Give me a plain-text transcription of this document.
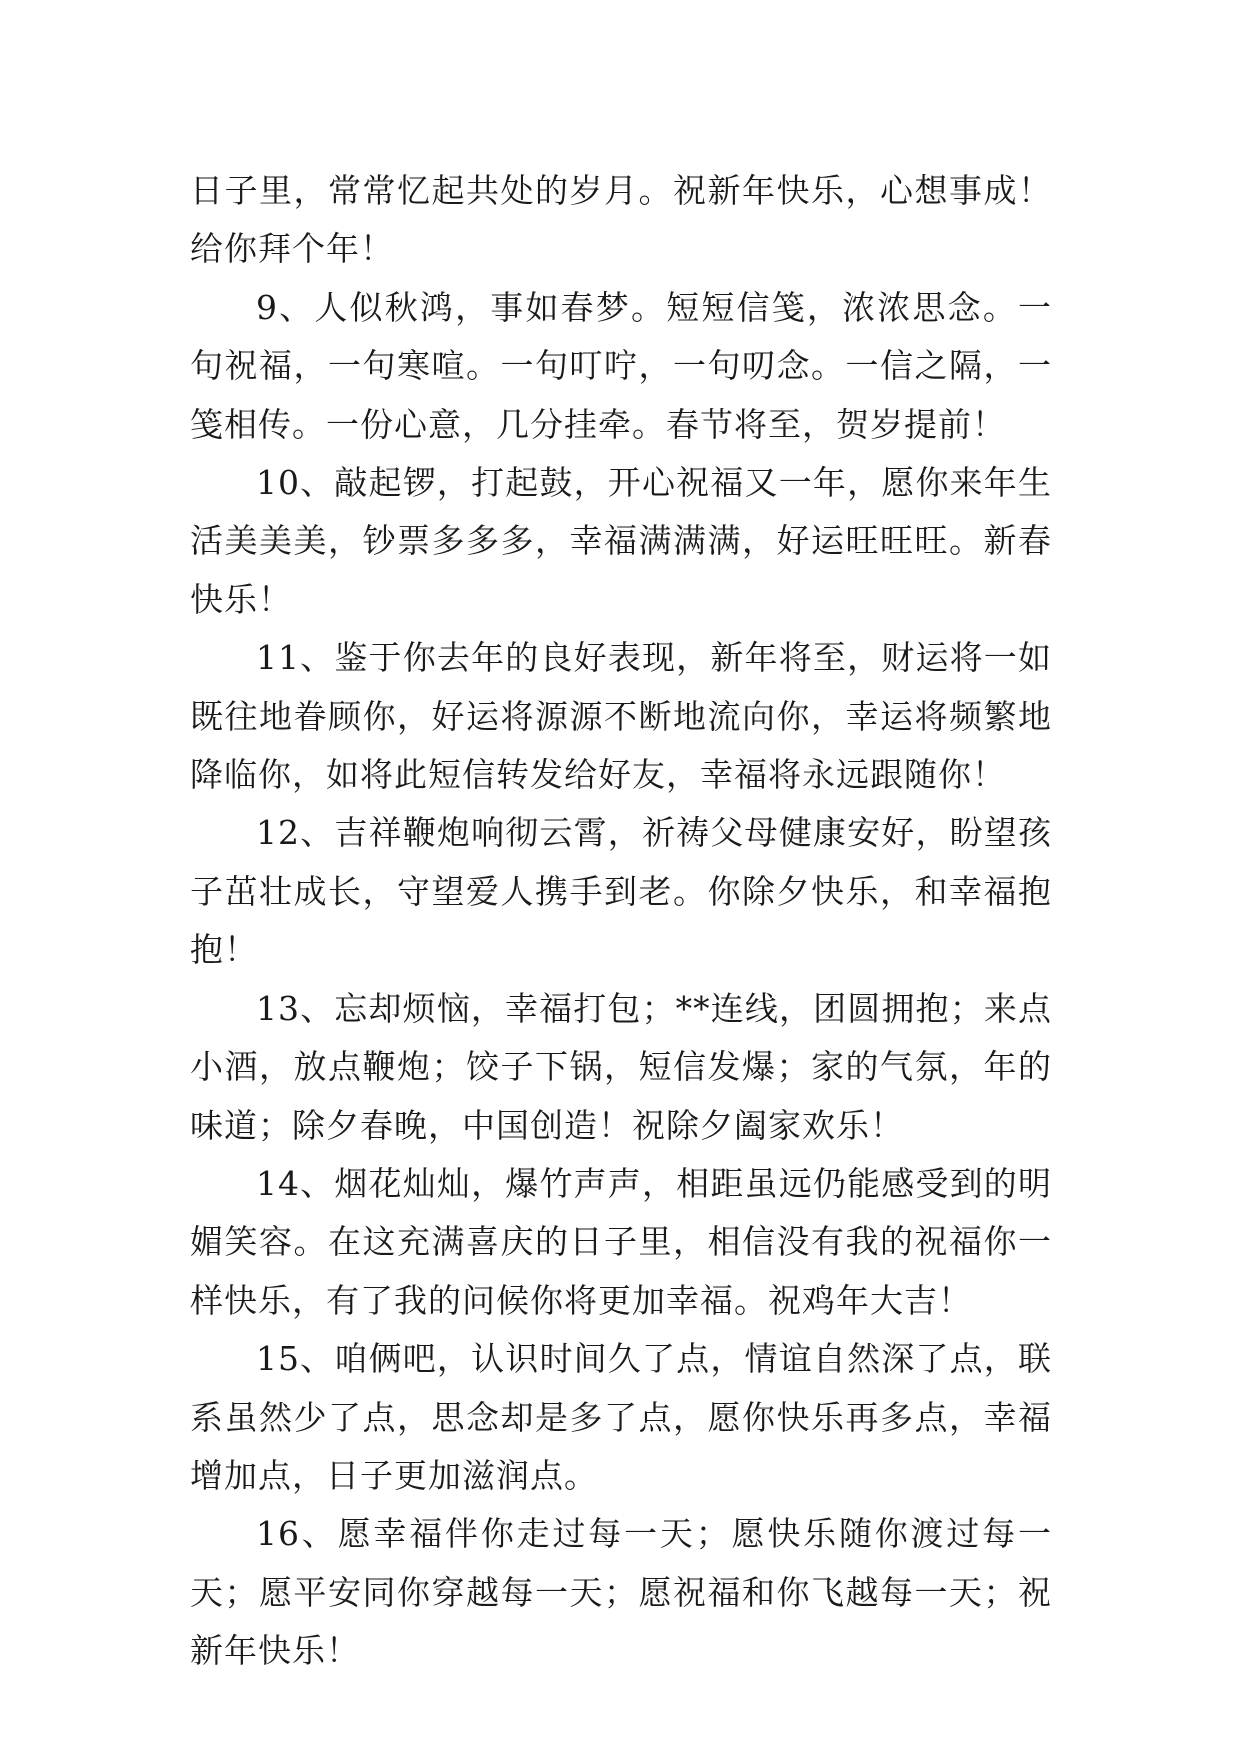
日子里，常常忆起共处的岁月。祝新年快乐，心想事成！给你拜个年！

9、人似秋鸿，事如春梦。短短信笺，浓浓思念。一句祝福，一句寒喧。一句叮咛，一句叨念。一信之隔，一笺相传。一份心意，几分挂牵。春节将至，贺岁提前！

10、敲起锣，打起鼓，开心祝福又一年，愿你来年生活美美美，钞票多多多，幸福满满满，好运旺旺旺。新春快乐！

11、鉴于你去年的良好表现，新年将至，财运将一如既往地眷顾你，好运将源源不断地流向你，幸运将频繁地降临你，如将此短信转发给好友，幸福将永远跟随你！

12、吉祥鞭炮响彻云霄，祈祷父母健康安好，盼望孩子茁壮成长，守望爱人携手到老。你除夕快乐，和幸福抱抱！

13、忘却烦恼，幸福打包；**连线，团圆拥抱；来点小酒，放点鞭炮；饺子下锅，短信发爆；家的气氛，年的味道；除夕春晚，中国创造！祝除夕阖家欢乐！

14、烟花灿灿，爆竹声声，相距虽远仍能感受到的明媚笑容。在这充满喜庆的日子里，相信没有我的祝福你一样快乐，有了我的问候你将更加幸福。祝鸡年大吉！

15、咱俩吧，认识时间久了点，情谊自然深了点，联系虽然少了点，思念却是多了点，愿你快乐再多点，幸福增加点，日子更加滋润点。

16、愿幸福伴你走过每一天；愿快乐随你渡过每一天；愿平安同你穿越每一天；愿祝福和你飞越每一天；祝新年快乐！
